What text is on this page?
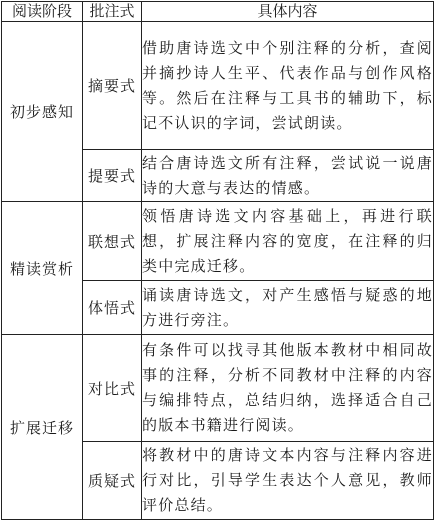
阅读阶段	批注式	具体内容
初步感知	摘要式	借助唐诗选文中个别注释的分析，查阅并摘抄诗人生平、代表作品与创作风格等。然后在注释与工具书的辅助下，标记不认识的字词，尝试朗读。
	提要式	结合唐诗选文所有注释，尝试说一说唐诗的大意与表达的情感。
精读赏析	联想式	领悟唐诗选文内容基础上，再进行联想，扩展注释内容的宽度，在注释的归类中完成迁移。
	体悟式	诵读唐诗选文，对产生感悟与疑惑的地方进行旁注。
扩展迁移	对比式	有条件可以找寻其他版本教材中相同故事的注释，分析不同教材中注释的内容与编排特点，总结归纳，选择适合自己的版本书籍进行阅读。
	质疑式	将教材中的唐诗文本内容与注释内容进行对比，引导学生表达个人意见，教师评价总结。
